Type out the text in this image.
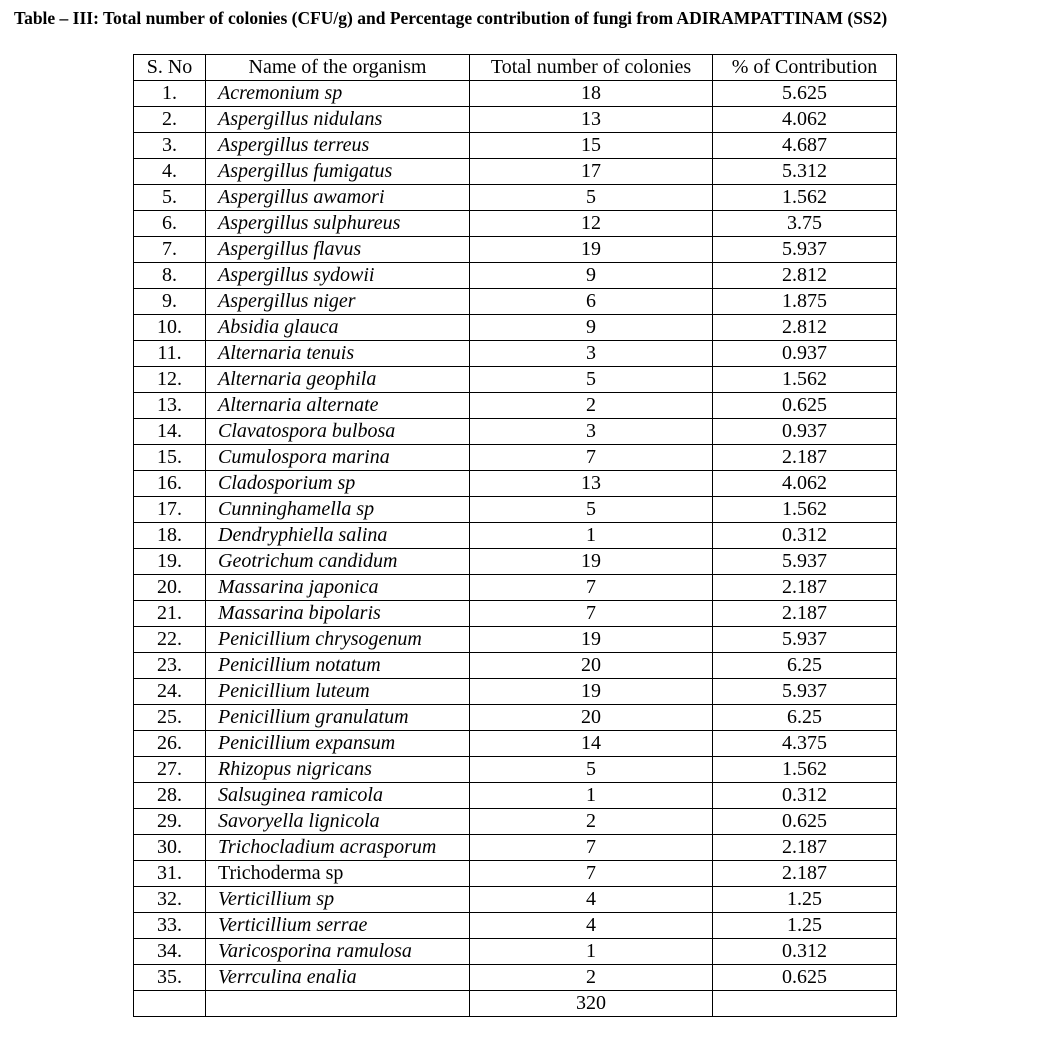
Table – III: Total number of colonies (CFU/g) and Percentage contribution of fungi from ADIRAMPATTINAM (SS2)
S. No	Name of the organism	Total number of colonies	% of Contribution
1.	Acremonium sp	18	5.625
2.	Aspergillus nidulans	13	4.062
3.	Aspergillus terreus	15	4.687
4.	Aspergillus fumigatus	17	5.312
5.	Aspergillus awamori	5	1.562
6.	Aspergillus sulphureus	12	3.75
7.	Aspergillus flavus	19	5.937
8.	Aspergillus sydowii	9	2.812
9.	Aspergillus niger	6	1.875
10.	Absidia glauca	9	2.812
11.	Alternaria tenuis	3	0.937
12.	Alternaria geophila	5	1.562
13.	Alternaria alternate	2	0.625
14.	Clavatospora bulbosa	3	0.937
15.	Cumulospora marina	7	2.187
16.	Cladosporium sp	13	4.062
17.	Cunninghamella sp	5	1.562
18.	Dendryphiella salina	1	0.312
19.	Geotrichum candidum	19	5.937
20.	Massarina japonica	7	2.187
21.	Massarina bipolaris	7	2.187
22.	Penicillium chrysogenum	19	5.937
23.	Penicillium notatum	20	6.25
24.	Penicillium luteum	19	5.937
25.	Penicillium granulatum	20	6.25
26.	Penicillium expansum	14	4.375
27.	Rhizopus nigricans	5	1.562
28.	Salsuginea ramicola	1	0.312
29.	Savoryella lignicola	2	0.625
30.	Trichocladium acrasporum	7	2.187
31.	Trichoderma sp	7	2.187
32.	Verticillium sp	4	1.25
33.	Verticillium serrae	4	1.25
34.	Varicosporina ramulosa	1	0.312
35.	Verrculina enalia	2	0.625
		320	
